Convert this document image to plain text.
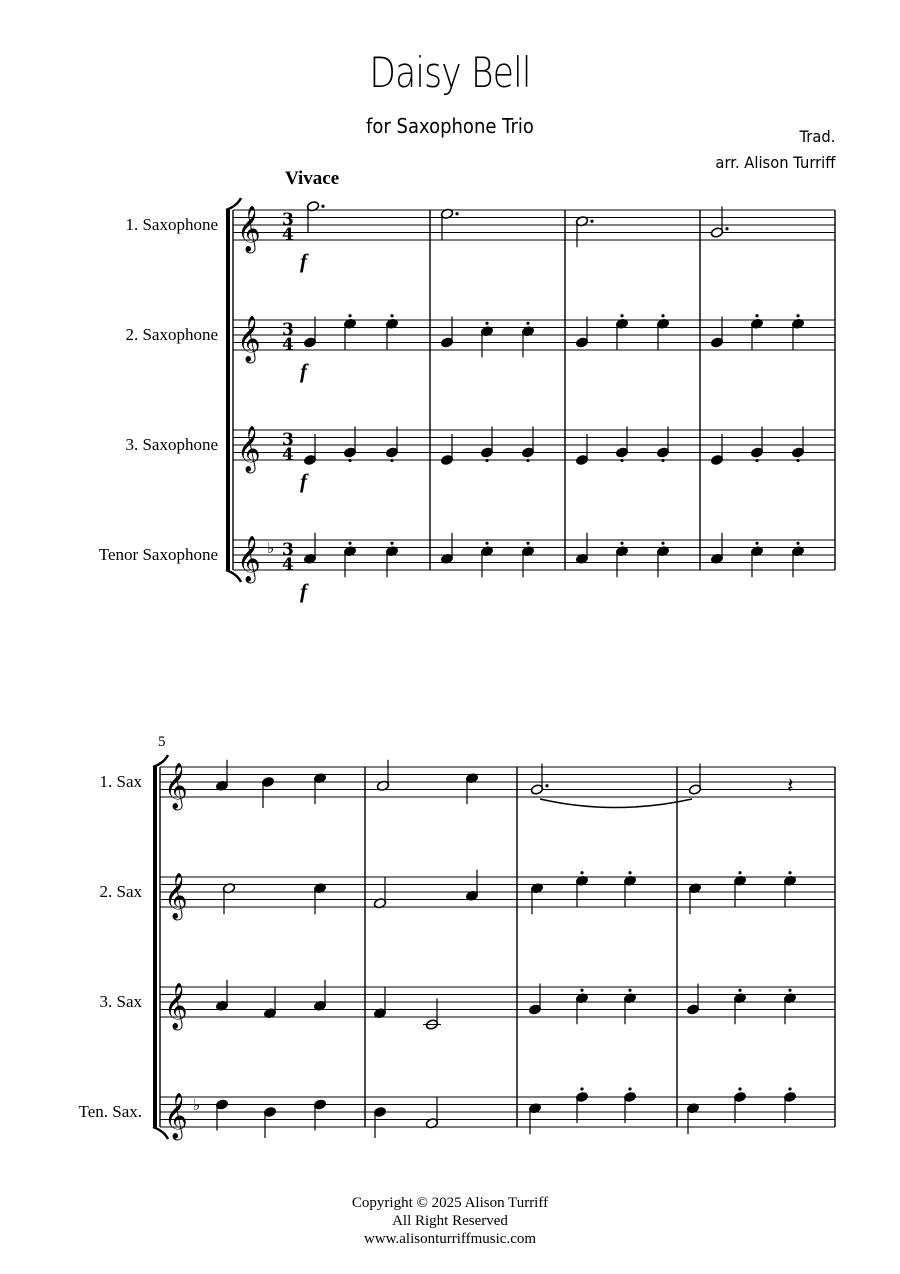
Daisy Bell
for Saxophone Trio	Trad.
arr. Alison Turriff
Vivace
1. Saxophone 𝄞 3
4
f
2. Saxophone 𝄞 3
4
f
3. Saxophone 𝄞 3
4
f
Tenor Saxophone 𝄞 ♭ 3
4
f
5
1. Sax 𝄞
2. Sax 𝄞
3. Sax 𝄞
Ten. Sax. 𝄞 ♭
𝄽
Copyright © 2025 Alison Turriff
All Right Reserved
www.alisonturriffmusic.com
